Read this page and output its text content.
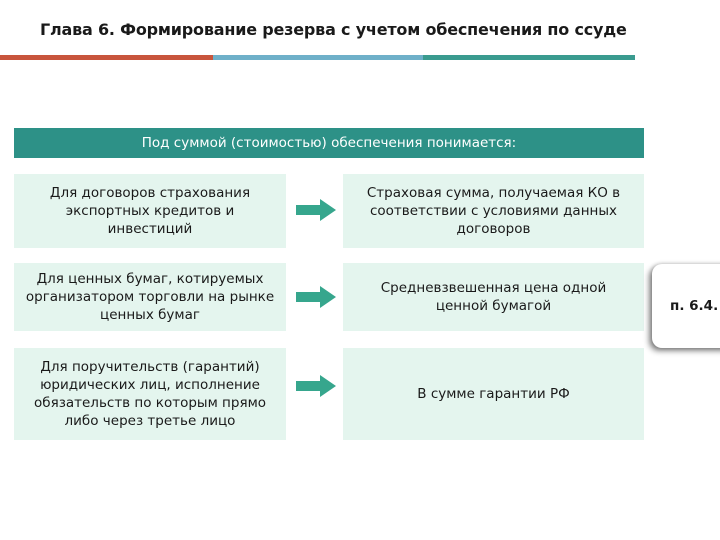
Глава 6. Формирование резерва с учетом обеспечения по ссуде
Под суммой (стоимостью) обеспечения понимается:
Для договоров страхования экспортных кредитов и инвестиций
Страховая сумма, получаемая КО в соответствии с условиями данных договоров
Для ценных бумаг, котируемых организатором торговли на рынке ценных бумаг
Средневзвешенная цена одной ценной бумагой
Для поручительств (гарантий) юридических лиц, исполнение обязательств по которым прямо либо через третье лицо
В сумме гарантии РФ
п. 6.4.
